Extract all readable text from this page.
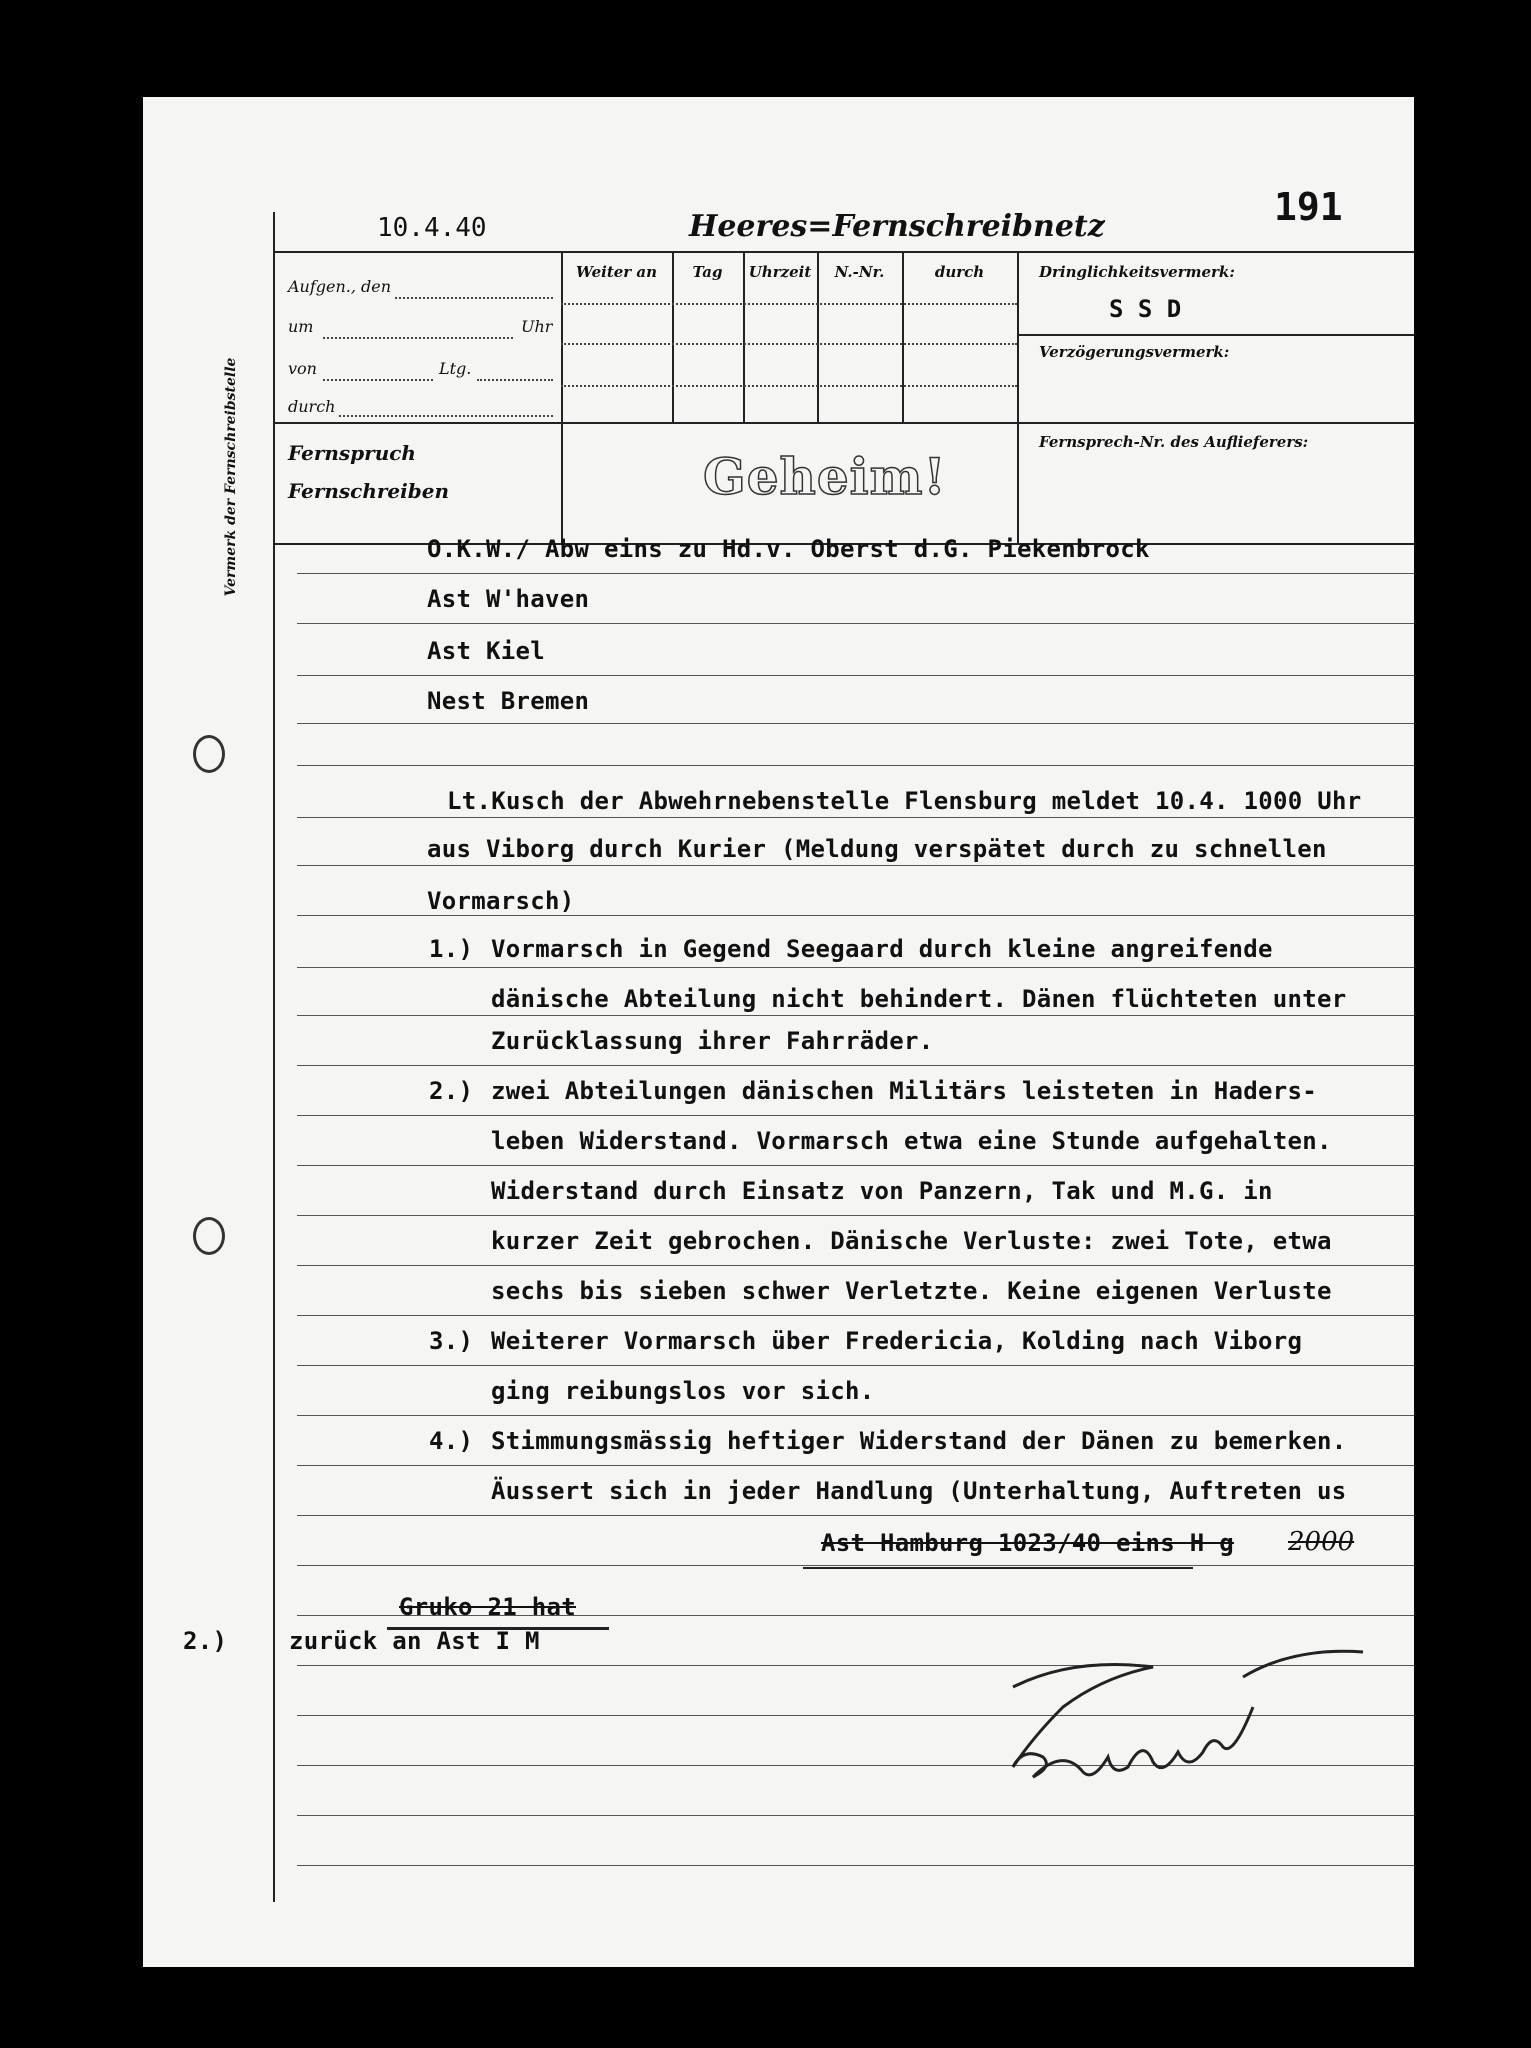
Vermerk der Fernschreibstelle
10.4.40	Heeres=Fernschreibnetz	191
Aufgen., den
um	Uhr
von	Ltg.
durch
Weiter an	Tag	Uhrzeit	N.-Nr.	durch	Dringlichkeitsvermerk:
S S D
Verzögerungsvermerk:
Fernsprech-Nr. des Auflieferers:
Fernspruch
Fernschreiben	Geheim!
O.K.W./ Abw eins zu Hd.v. Oberst d.G. Piekenbrock
Ast W'haven
Ast Kiel
Nest Bremen
Lt.Kusch der Abwehrnebenstelle Flensburg meldet 10.4. 1000 Uhr
aus Viborg durch Kurier (Meldung verspätet durch zu schnellen
Vormarsch)
1.) Vormarsch in Gegend Seegaard durch kleine angreifende
dänische Abteilung nicht behindert. Dänen flüchteten unter
Zurücklassung ihrer Fahrräder.
2.) zwei Abteilungen dänischen Militärs leisteten in Haders-
leben Widerstand. Vormarsch etwa eine Stunde aufgehalten.
Widerstand durch Einsatz von Panzern, Tak und M.G. in
kurzer Zeit gebrochen. Dänische Verluste: zwei Tote, etwa
sechs bis sieben schwer Verletzte. Keine eigenen Verluste
3.) Weiterer Vormarsch über Fredericia, Kolding nach Viborg
ging reibungslos vor sich.
4.) Stimmungsmässig heftiger Widerstand der Dänen zu bemerken.
Äussert sich in jeder Handlung (Unterhaltung, Auftreten us
Ast Hamburg 1023/40 eins H g 2000
Gruko 21 hat
2.)	zurück an Ast I M
